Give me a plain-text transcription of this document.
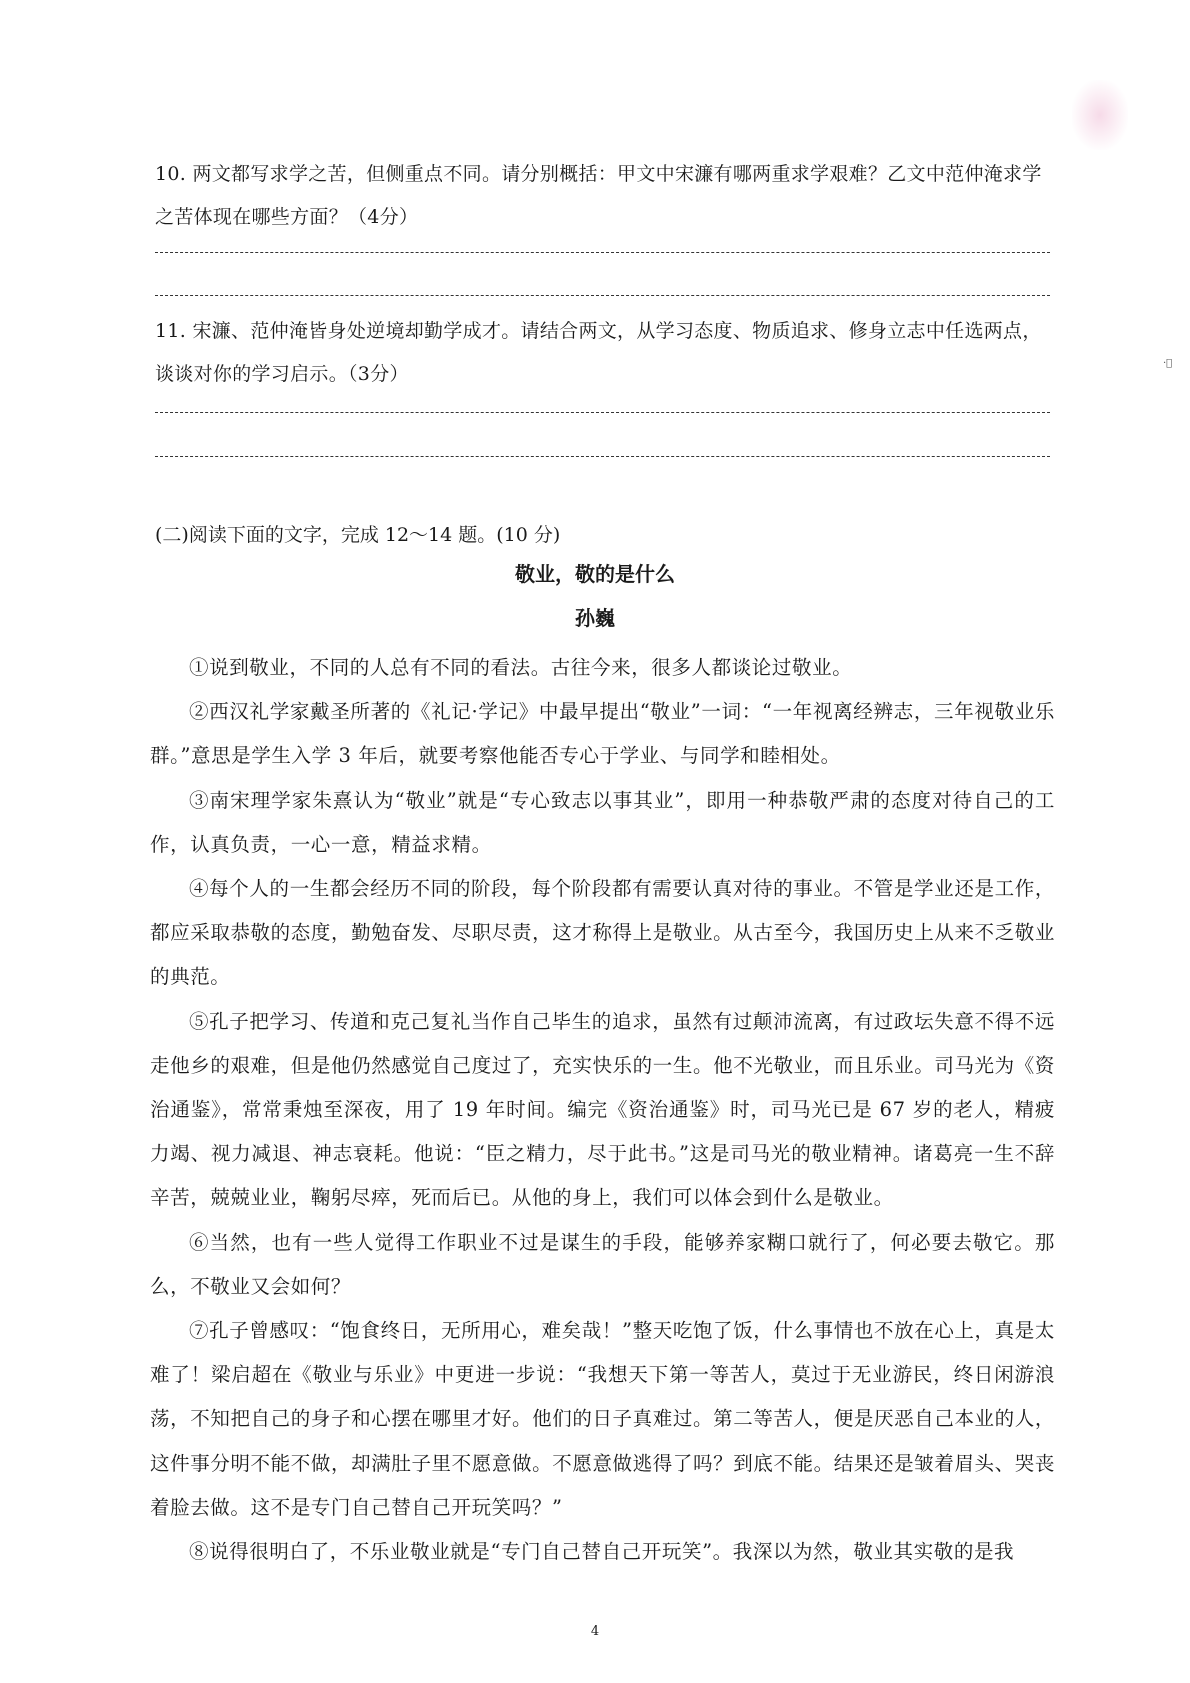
·ঃ
10. 两文都写求学之苦，但侧重点不同。请分别概括：甲文中宋濂有哪两重求学艰难？乙文中范仲淹求学之苦体现在哪些方面？（4分）
11. 宋濂、范仲淹皆身处逆境却勤学成才。请结合两文，从学习态度、物质追求、修身立志中任选两点，谈谈对你的学习启示。（3分）
(二)阅读下面的文字，完成 12～14 题。(10 分)
敬业，敬的是什么
孙巍

①说到敬业，不同的人总有不同的看法。古往今来，很多人都谈论过敬业。

②西汉礼学家戴圣所著的《礼记·学记》中最早提出“敬业”一词：“一年视离经辨志，三年视敬业乐群。”意思是学生入学 3 年后，就要考察他能否专心于学业、与同学和睦相处。

③南宋理学家朱熹认为“敬业”就是“专心致志以事其业”，即用一种恭敬严肃的态度对待自己的工作，认真负责，一心一意，精益求精。

④每个人的一生都会经历不同的阶段，每个阶段都有需要认真对待的事业。不管是学业还是工作，都应采取恭敬的态度，勤勉奋发、尽职尽责，这才称得上是敬业。从古至今，我国历史上从来不乏敬业的典范。

⑤孔子把学习、传道和克己复礼当作自己毕生的追求，虽然有过颠沛流离，有过政坛失意不得不远走他乡的艰难，但是他仍然感觉自己度过了，充实快乐的一生。他不光敬业，而且乐业。司马光为《资治通鉴》，常常秉烛至深夜，用了 19 年时间。编完《资治通鉴》时，司马光已是 67 岁的老人，精疲力竭、视力减退、神志衰耗。他说：“臣之精力，尽于此书。”这是司马光的敬业精神。诸葛亮一生不辞辛苦，兢兢业业，鞠躬尽瘁，死而后已。从他的身上，我们可以体会到什么是敬业。

⑥当然，也有一些人觉得工作职业不过是谋生的手段，能够养家糊口就行了，何必要去敬它。那么，不敬业又会如何？

⑦孔子曾感叹：“饱食终日，无所用心，难矣哉！”整天吃饱了饭，什么事情也不放在心上，真是太难了！梁启超在《敬业与乐业》中更进一步说：“我想天下第一等苦人，莫过于无业游民，终日闲游浪荡，不知把自己的身子和心摆在哪里才好。他们的日子真难过。第二等苦人，便是厌恶自己本业的人，这件事分明不能不做，却满肚子里不愿意做。不愿意做逃得了吗？到底不能。结果还是皱着眉头、哭丧着脸去做。这不是专门自己替自己开玩笑吗？”

⑧说得很明白了，不乐业敬业就是“专门自己替自己开玩笑”。我深以为然，敬业其实敬的是我

4
